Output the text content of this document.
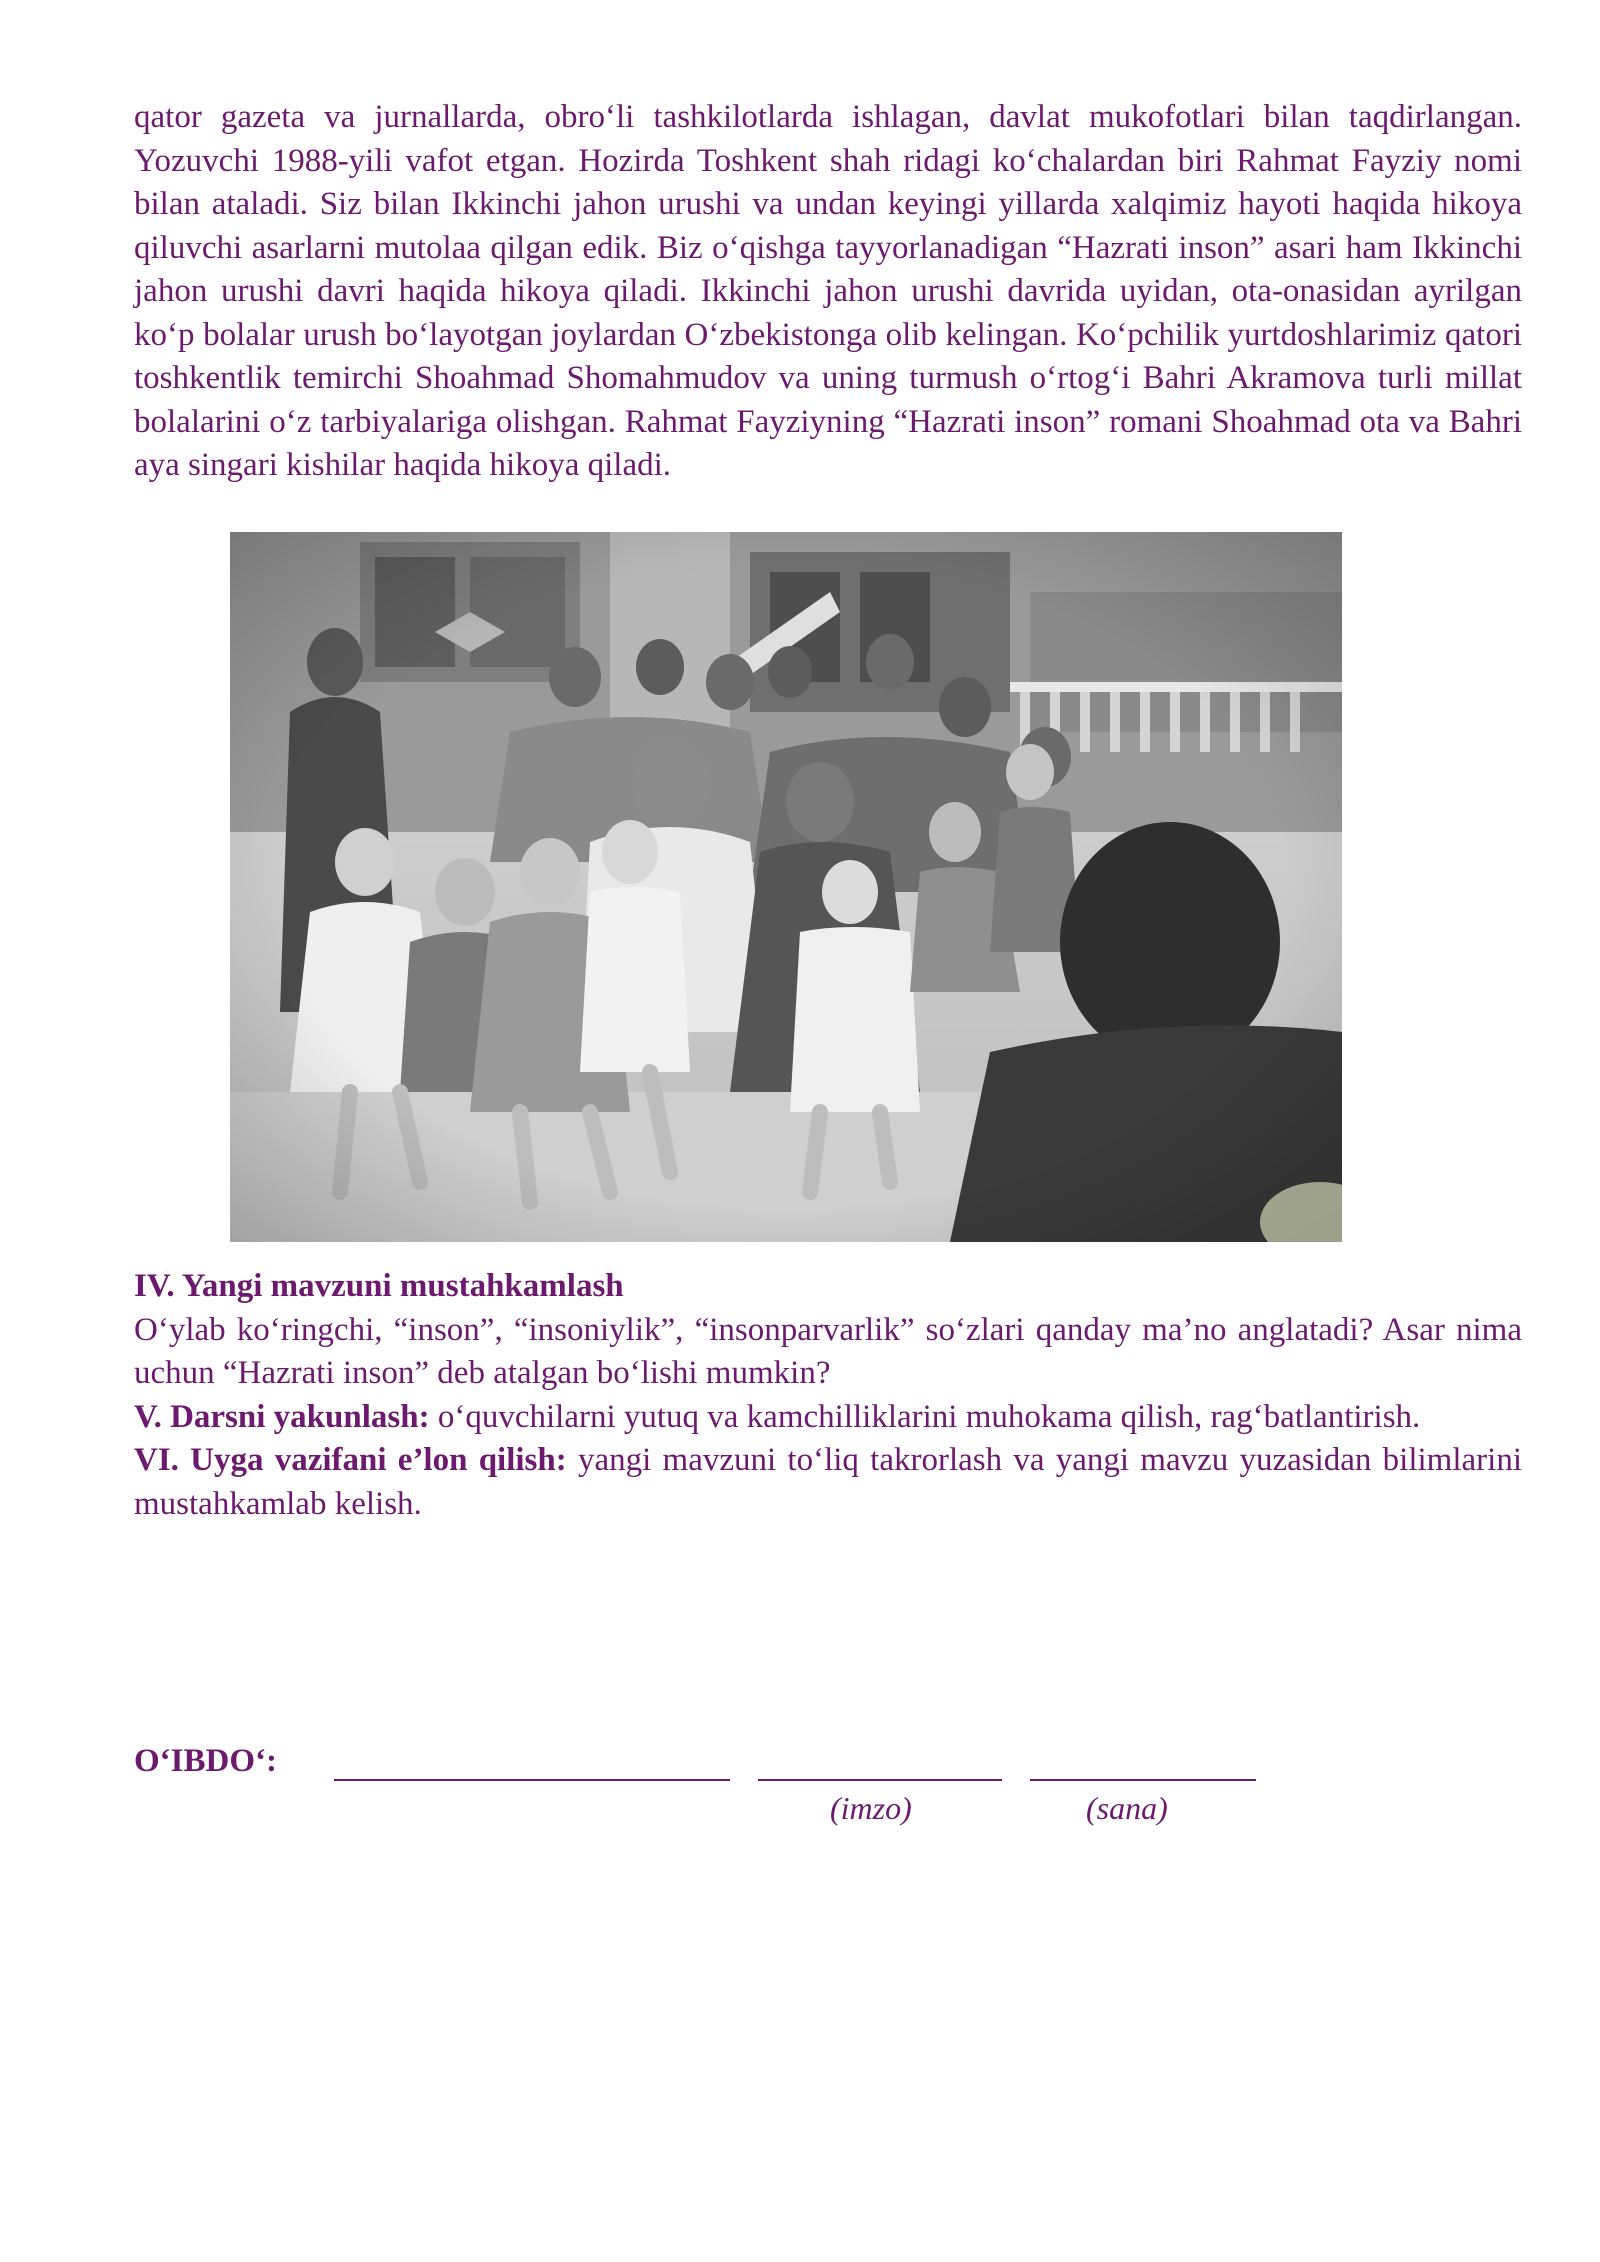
qator gazeta va jurnallarda, obro‘li tashkilotlarda ishlagan, davlat mukofotlari bilan taqdirlangan. Yozuvchi 1988-yili vafot etgan. Hozirda Toshkent shah ridagi ko‘chalardan biri Rahmat Fayziy nomi bilan ataladi. Siz bilan Ikkinchi jahon urushi va undan keyingi yillarda xalqimiz hayoti haqida hikoya qiluvchi asarlarni mutolaa qilgan edik. Biz o‘qishga tayyorlanadigan “Hazrati inson” asari ham Ikkinchi jahon urushi davri haqida hikoya qiladi. Ikkinchi jahon urushi davrida uyidan, ota-onasidan ayrilgan ko‘p bolalar urush bo‘layotgan joylardan O‘zbekistonga olib kelingan. Ko‘pchilik yurtdoshlarimiz qatori toshkentlik temirchi Shoahmad Shomahmudov va uning turmush o‘rtog‘i Bahri Akramova turli millat bolalarini o‘z tarbiyalariga olishgan. Rahmat Fayziyning “Hazrati inson” romani Shoahmad ota va Bahri aya singari kishilar haqida hikoya qiladi.

IV. Yangi mavzuni mustahkamlash

O‘ylab ko‘ringchi, “inson”, “insoniylik”, “insonparvarlik” so‘zlari qanday ma’no anglatadi? Asar nima uchun “Hazrati inson” deb atalgan bo‘lishi mumkin?

V. Darsni yakunlash: o‘quvchilarni yutuq va kamchilliklarini muhokama qilish, rag‘batlantirish.

VI. Uyga vazifani e’lon qilish: yangi mavzuni to‘liq takrorlash va yangi mavzu yuzasidan bilimlarini mustahkamlab kelish.

O‘IBDO‘:
(imzo)	(sana)
